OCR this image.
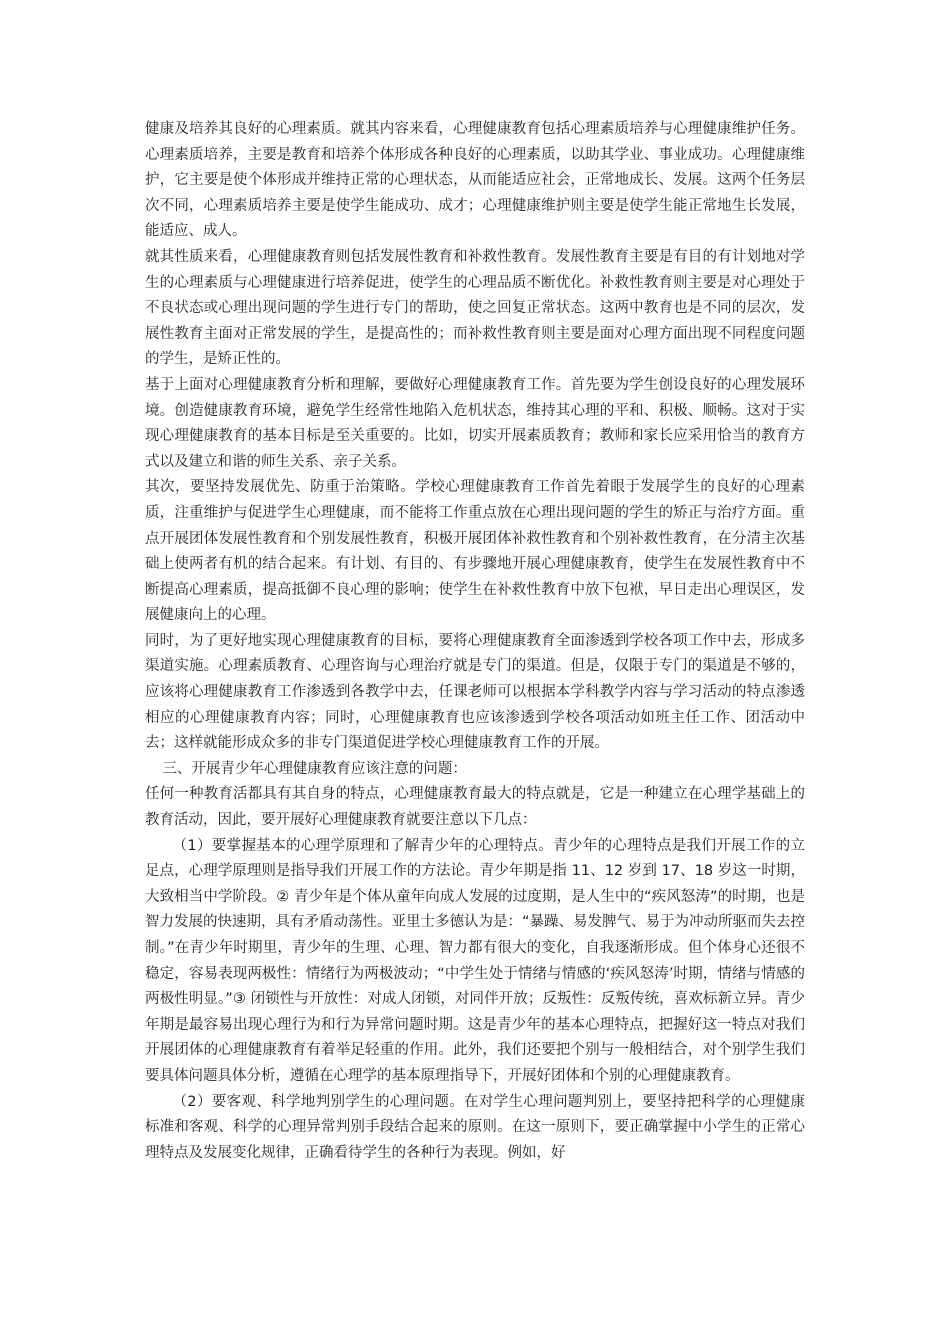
健康及培养其良好的心理素质。就其内容来看，心理健康教育包括心理素质培养与心理健康维护任务。心理素质培养，主要是教育和培养个体形成各种良好的心理素质，以助其学业、事业成功。心理健康维护，它主要是使个体形成并维持正常的心理状态，从而能适应社会，正常地成长、发展。这两个任务层次不同，心理素质培养主要是使学生能成功、成才；心理健康维护则主要是使学生能正常地生长发展，能适应、成人。

就其性质来看，心理健康教育则包括发展性教育和补救性教育。发展性教育主要是有目的有计划地对学生的心理素质与心理健康进行培养促进，使学生的心理品质不断优化。补救性教育则主要是对心理处于不良状态或心理出现问题的学生进行专门的帮助，使之回复正常状态。这两中教育也是不同的层次，发展性教育主面对正常发展的学生，是提高性的；而补救性教育则主要是面对心理方面出现不同程度问题的学生，是矫正性的。

基于上面对心理健康教育分析和理解，要做好心理健康教育工作。首先要为学生创设良好的心理发展环境。创造健康教育环境，避免学生经常性地陷入危机状态，维持其心理的平和、积极、顺畅。这对于实现心理健康教育的基本目标是至关重要的。比如，切实开展素质教育；教师和家长应采用恰当的教育方式以及建立和谐的师生关系、亲子关系。

其次，要坚持发展优先、防重于治策略。学校心理健康教育工作首先着眼于发展学生的良好的心理素质，注重维护与促进学生心理健康，而不能将工作重点放在心理出现问题的学生的矫正与治疗方面。重点开展团体发展性教育和个别发展性教育，积极开展团体补救性教育和个别补救性教育，在分清主次基础上使两者有机的结合起来。有计划、有目的、有步骤地开展心理健康教育，使学生在发展性教育中不断提高心理素质，提高抵御不良心理的影响；使学生在补救性教育中放下包袱，早日走出心理误区，发展健康向上的心理。

同时，为了更好地实现心理健康教育的目标，要将心理健康教育全面渗透到学校各项工作中去，形成多渠道实施。心理素质教育、心理咨询与心理治疗就是专门的渠道。但是，仅限于专门的渠道是不够的，应该将心理健康教育工作渗透到各教学中去，任课老师可以根据本学科教学内容与学习活动的特点渗透相应的心理健康教育内容；同时，心理健康教育也应该渗透到学校各项活动如班主任工作、团活动中去；这样就能形成众多的非专门渠道促进学校心理健康教育工作的开展。

三、开展青少年心理健康教育应该注意的问题：

任何一种教育活都具有其自身的特点，心理健康教育最大的特点就是，它是一种建立在心理学基础上的教育活动，因此，要开展好心理健康教育就要注意以下几点：

（1）要掌握基本的心理学原理和了解青少年的心理特点。青少年的心理特点是我们开展工作的立足点，心理学原理则是指导我们开展工作的方法论。青少年期是指 11、12 岁到 17、18 岁这一时期，大致相当中学阶段。② 青少年是个体从童年向成人发展的过度期，是人生中的“疾风怒涛”的时期，也是智力发展的快速期，具有矛盾动荡性。亚里士多德认为是：“暴躁、易发脾气、易于为冲动所驱而失去控制。”在青少年时期里，青少年的生理、心理、智力都有很大的变化，自我逐渐形成。但个体身心还很不稳定，容易表现两极性：情绪行为两极波动；“中学生处于情绪与情感的‘疾风怒涛’时期，情绪与情感的两极性明显。”③ 闭锁性与开放性：对成人闭锁，对同伴开放；反叛性：反叛传统，喜欢标新立异。青少年期是最容易出现心理行为和行为异常问题时期。这是青少年的基本心理特点，把握好这一特点对我们开展团体的心理健康教育有着举足轻重的作用。此外，我们还要把个别与一般相结合，对个别学生我们要具体问题具体分析，遵循在心理学的基本原理指导下，开展好团体和个别的心理健康教育。

（2）要客观、科学地判别学生的心理问题。在对学生心理问题判别上，要坚持把科学的心理健康标准和客观、科学的心理异常判别手段结合起来的原则。在这一原则下，要正确掌握中小学生的正常心理特点及发展变化规律，正确看待学生的各种行为表现。例如，好
